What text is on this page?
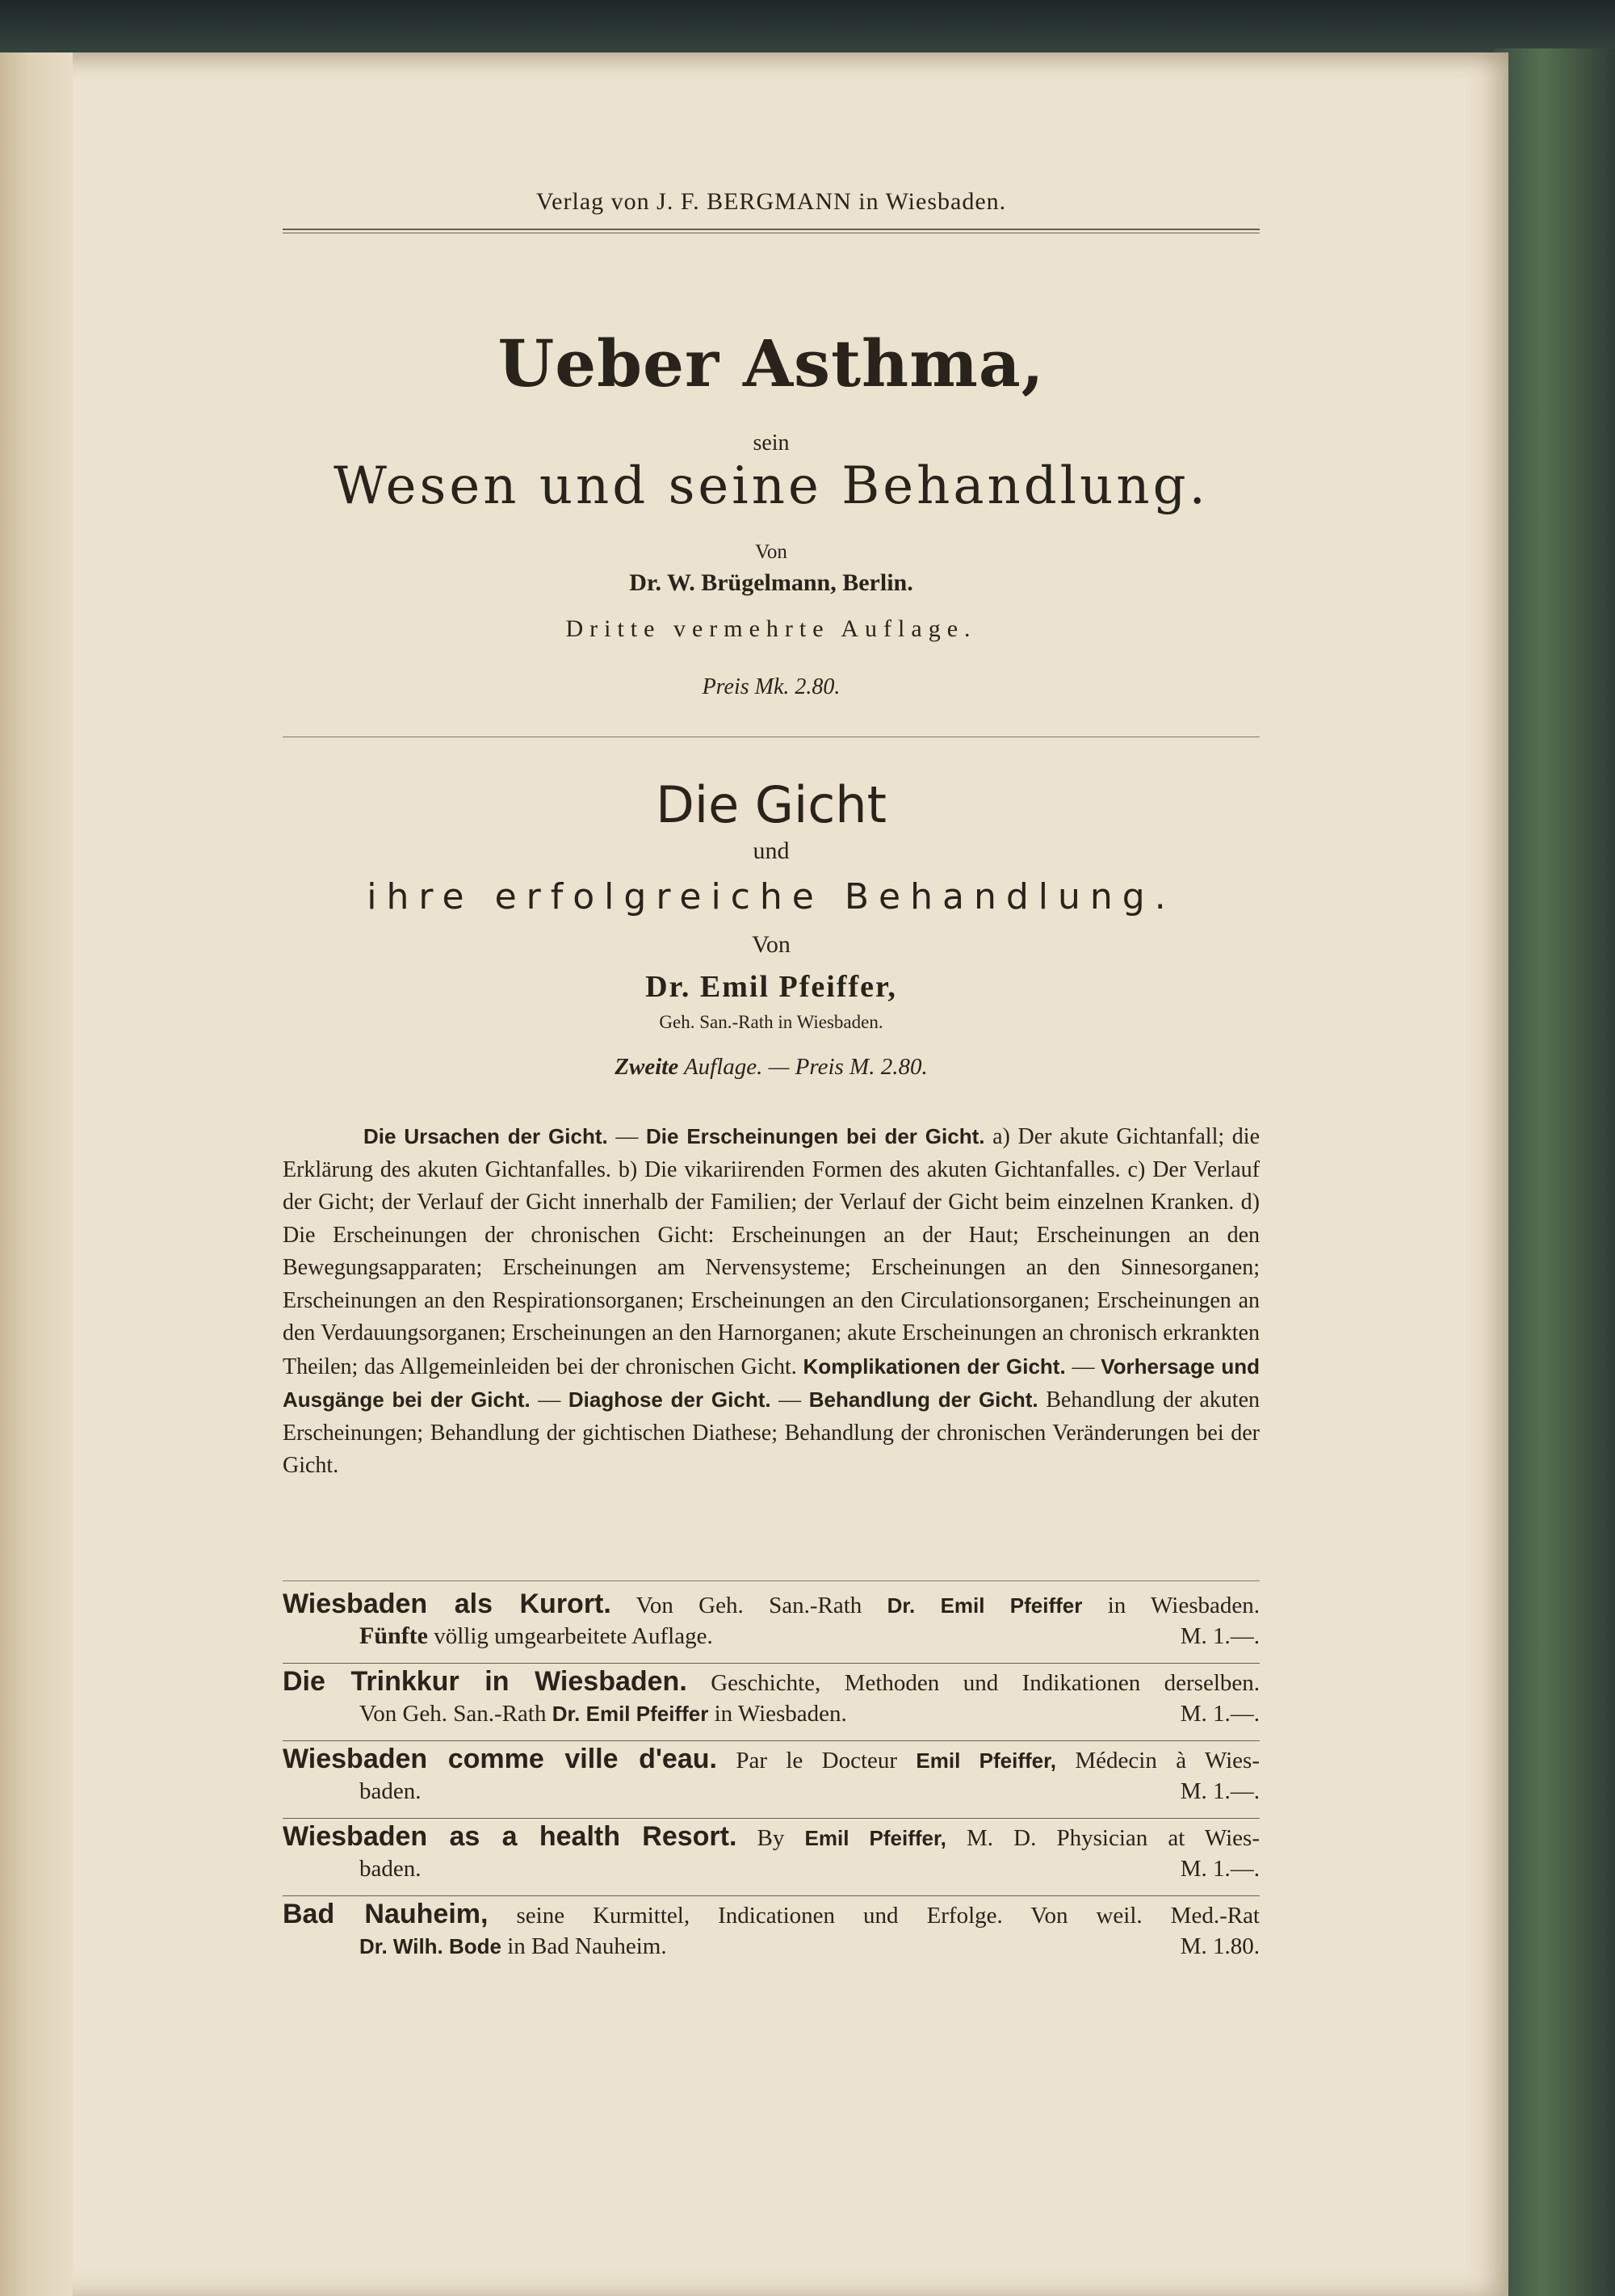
Verlag von J. F. BERGMANN in Wiesbaden.
Ueber Asthma,
sein
Wesen und seine Behandlung.
Von
Dr. W. Brügelmann, Berlin.
Dritte vermehrte Auflage.
Preis Mk. 2.80.
Die Gicht
und
ihre erfolgreiche Behandlung.
Von
Dr. Emil Pfeiffer,
Geh. San.-Rath in Wiesbaden.
Zweite Auflage. — Preis M. 2.80.
Die Ursachen der Gicht. — Die Erscheinungen bei der Gicht. a) Der akute Gichtanfall; die Erklärung des akuten Gichtanfalles. b) Die vikariirenden Formen des akuten Gichtanfalles. c) Der Verlauf der Gicht; der Verlauf der Gicht innerhalb der Familien; der Verlauf der Gicht beim einzelnen Kranken. d) Die Erscheinungen der chronischen Gicht: Erscheinungen an der Haut; Erscheinungen an den Bewegungsapparaten; Erscheinungen am Nervensysteme; Erscheinungen an den Sinnesorganen; Erscheinungen an den Respirationsorganen; Erscheinungen an den Circulationsorganen; Erscheinungen an den Verdauungsorganen; Erscheinungen an den Harnorganen; akute Erscheinungen an chronisch erkrankten Theilen; das Allgemeinleiden bei der chronischen Gicht. Komplikationen der Gicht. — Vorhersage und Ausgänge bei der Gicht. — Diaghose der Gicht. — Behandlung der Gicht. Behandlung der akuten Erscheinungen; Behandlung der gichtischen Diathese; Behandlung der chronischen Veränderungen bei der Gicht.
Wiesbaden als Kurort. Von Geh. San.-Rath Dr. Emil Pfeiffer in Wiesbaden.
Fünfte völlig umgearbeitete Auflage.	M. 1.—.
Die Trinkkur in Wiesbaden. Geschichte, Methoden und Indikationen derselben.
Von Geh. San.-Rath Dr. Emil Pfeiffer in Wiesbaden.	M. 1.—.
Wiesbaden comme ville d'eau. Par le Docteur Emil Pfeiffer, Médecin à Wies-
baden.	M. 1.—.
Wiesbaden as a health Resort. By Emil Pfeiffer, M. D. Physician at Wies-
baden.	M. 1.—.
Bad Nauheim, seine Kurmittel, Indicationen und Erfolge. Von weil. Med.-Rat
Dr. Wilh. Bode in Bad Nauheim.	M. 1.80.
